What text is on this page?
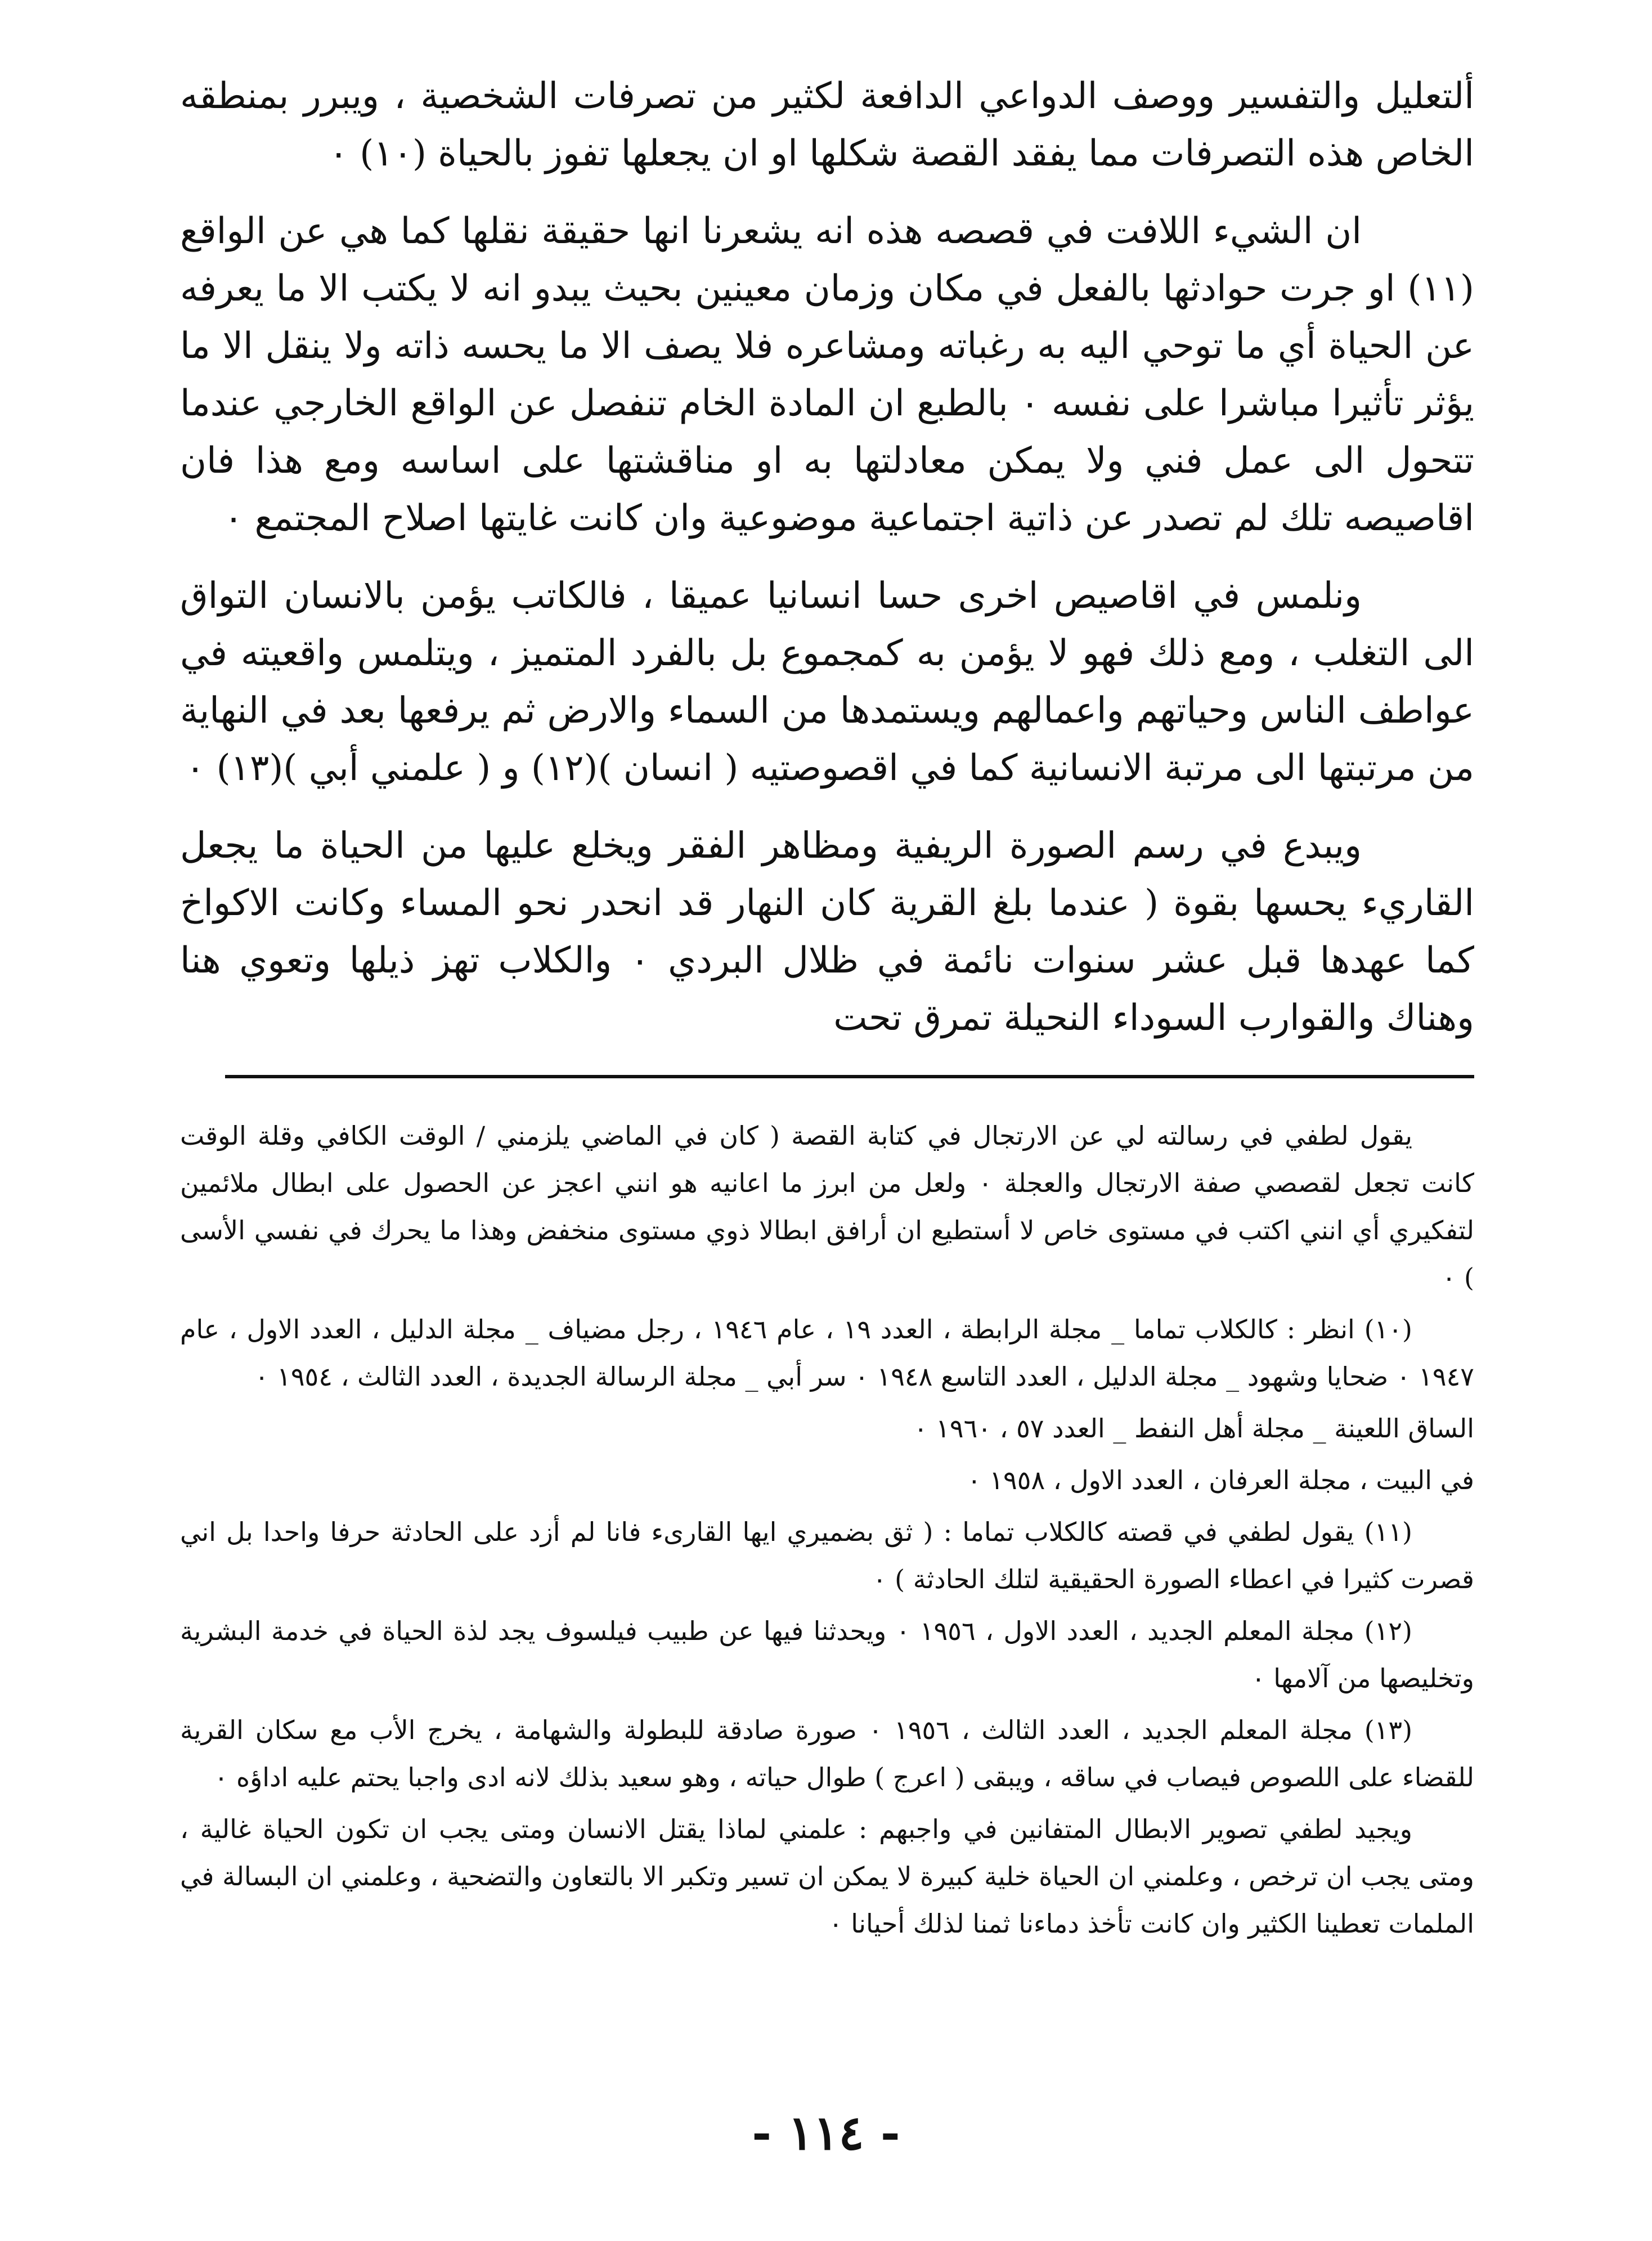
ألتعليل والتفسير ووصف الدواعي الدافعة لكثير من تصرفات الشخصية ، ويبرر بمنطقه الخاص هذه التصرفات مما يفقد القصة شكلها او ان يجعلها تفوز بالحياة (١٠) ٠

ان الشيء اللافت في قصصه هذه انه يشعرنا انها حقيقة نقلها كما هي عن الواقع (١١) او جرت حوادثها بالفعل في مكان وزمان معينين بحيث يبدو انه لا يكتب الا ما يعرفه عن الحياة أي ما توحي اليه به رغباته ومشاعره فلا يصف الا ما يحسه ذاته ولا ينقل الا ما يؤثر تأثيرا مباشرا على نفسه ٠ بالطبع ان المادة الخام تنفصل عن الواقع الخارجي عندما تتحول الى عمل فني ولا يمكن معادلتها به او مناقشتها على اساسه ومع هذا فان اقاصيصه تلك لم تصدر عن ذاتية اجتماعية موضوعية وان كانت غايتها اصلاح المجتمع ٠

ونلمس في اقاصيص اخرى حسا انسانيا عميقا ، فالكاتب يؤمن بالانسان التواق الى التغلب ، ومع ذلك فهو لا يؤمن به كمجموع بل بالفرد المتميز ، ويتلمس واقعيته في عواطف الناس وحياتهم واعمالهم ويستمدها من السماء والارض ثم يرفعها بعد في النهاية من مرتبتها الى مرتبة الانسانية كما في اقصوصتيه ( انسان )(١٢) و ( علمني أبي )(١٣) ٠

ويبدع في رسم الصورة الريفية ومظاهر الفقر ويخلع عليها من الحياة ما يجعل القاريء يحسها بقوة ( عندما بلغ القرية كان النهار قد انحدر نحو المساء وكانت الاكواخ كما عهدها قبل عشر سنوات نائمة في ظلال البردي ٠ والكلاب تهز ذيلها وتعوي هنا وهناك والقوارب السوداء النحيلة تمرق تحت

يقول لطفي في رسالته لي عن الارتجال في كتابة القصة ( كان في الماضي يلزمني / الوقت الكافي وقلة الوقت كانت تجعل لقصصي صفة الارتجال والعجلة ٠ ولعل من ابرز ما اعانيه هو انني اعجز عن الحصول على ابطال ملائمين لتفكيري أي انني اكتب في مستوى خاص لا أستطيع ان أرافق ابطالا ذوي مستوى منخفض وهذا ما يحرك في نفسي الأسى ) ٠

(١٠) انظر : كالكلاب تماما _ مجلة الرابطة ، العدد ١٩ ، عام ١٩٤٦ ، رجل مضياف _ مجلة الدليل ، العدد الاول ، عام ١٩٤٧ ٠ ضحايا وشهود _ مجلة الدليل ، العدد التاسع ١٩٤٨ ٠ سر أبي _ مجلة الرسالة الجديدة ، العدد الثالث ، ١٩٥٤ ٠

الساق اللعينة _ مجلة أهل النفط _ العدد ٥٧ ، ١٩٦٠ ٠

في البيت ، مجلة العرفان ، العدد الاول ، ١٩٥٨ ٠

(١١) يقول لطفي في قصته كالكلاب تماما : ( ثق بضميري ايها القارىء فانا لم أزد على الحادثة حرفا واحدا بل اني قصرت كثيرا في اعطاء الصورة الحقيقية لتلك الحادثة ) ٠

(١٢) مجلة المعلم الجديد ، العدد الاول ، ١٩٥٦ ٠ ويحدثنا فيها عن طبيب فيلسوف يجد لذة الحياة في خدمة البشرية وتخليصها من آلامها ٠

(١٣) مجلة المعلم الجديد ، العدد الثالث ، ١٩٥٦ ٠ صورة صادقة للبطولة والشهامة ، يخرج الأب مع سكان القرية للقضاء على اللصوص فيصاب في ساقه ، ويبقى ( اعرج ) طوال حياته ، وهو سعيد بذلك لانه ادى واجبا يحتم عليه اداؤه ٠

ويجيد لطفي تصوير الابطال المتفانين في واجبهم : علمني لماذا يقتل الانسان ومتى يجب ان تكون الحياة غالية ، ومتى يجب ان ترخص ، وعلمني ان الحياة خلية كبيرة لا يمكن ان تسير وتكبر الا بالتعاون والتضحية ، وعلمني ان البسالة في الملمات تعطينا الكثير وان كانت تأخذ دماءنا ثمنا لذلك أحيانا ٠

- ١١٤ -
